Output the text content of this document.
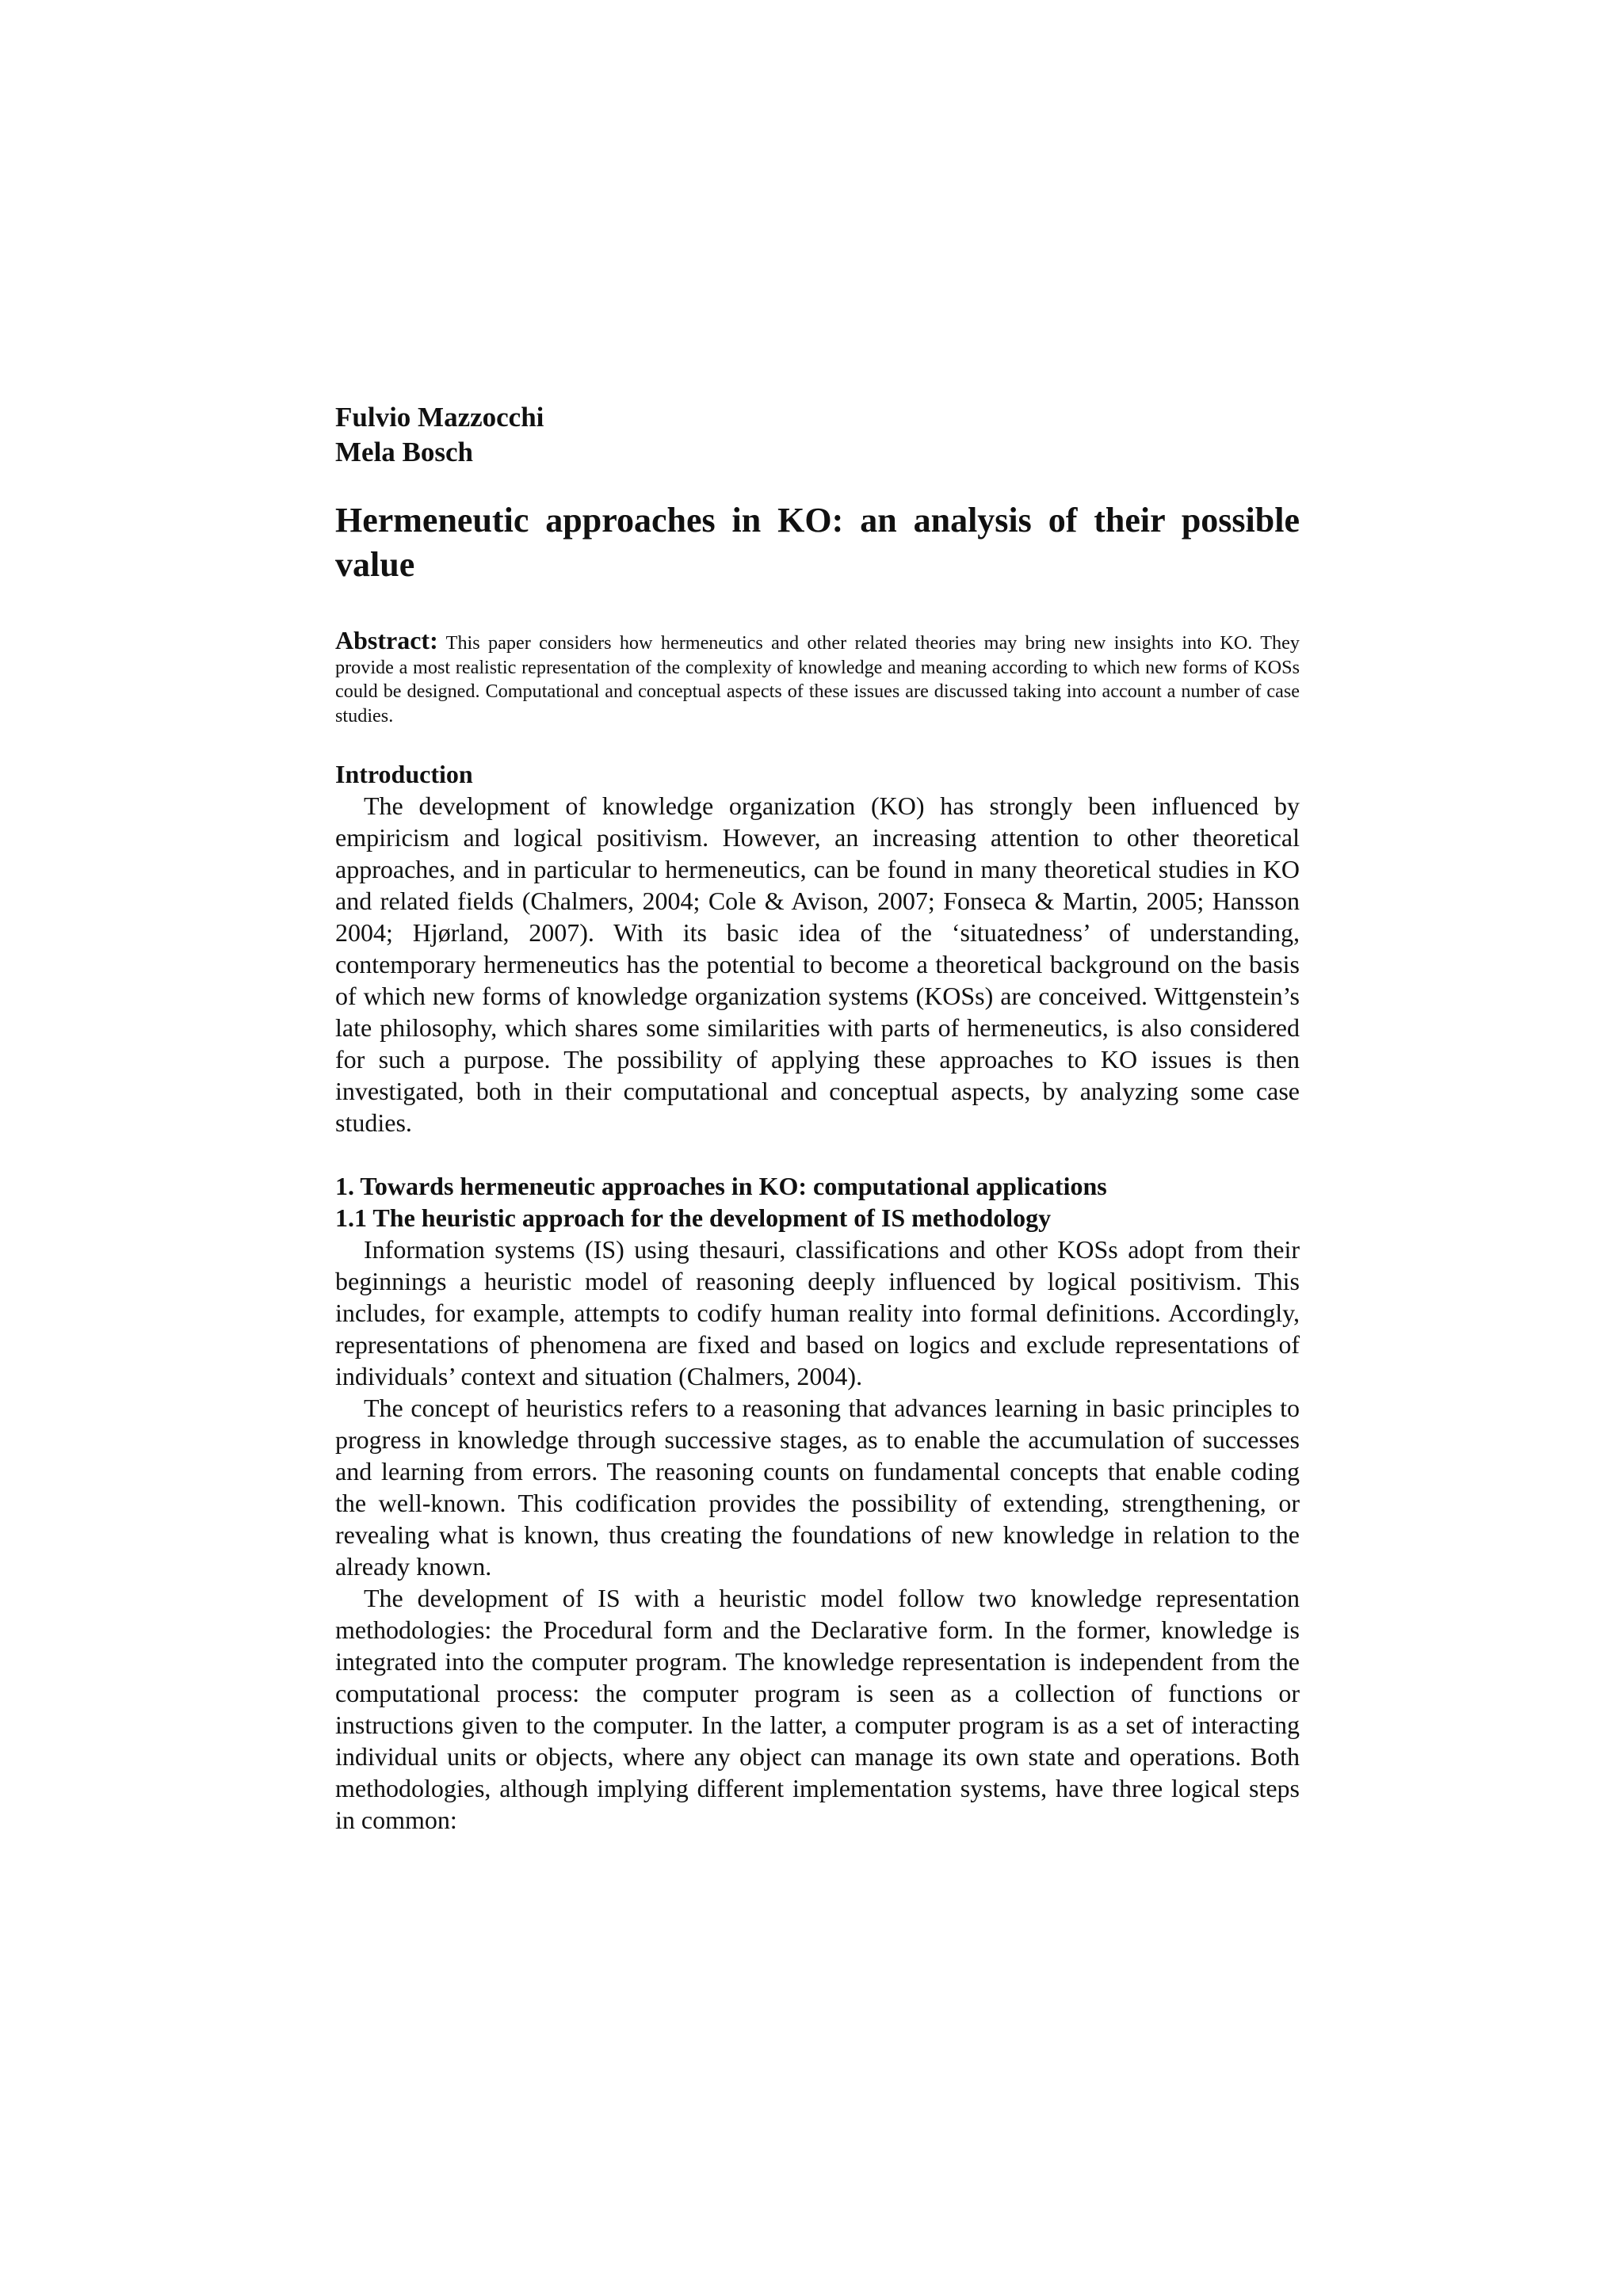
Fulvio Mazzocchi
Mela Bosch
Hermeneutic approaches in KO: an analysis of their possible value
Abstract: This paper considers how hermeneutics and other related theories may bring new insights into KO. They provide a most realistic representation of the complexity of knowledge and meaning according to which new forms of KOSs could be designed. Computational and conceptual aspects of these issues are discussed taking into account a number of case studies.
Introduction

The development of knowledge organization (KO) has strongly been influenced by empiricism and logical positivism. However, an increasing attention to other theoretical approaches, and in particular to hermeneutics, can be found in many theoretical studies in KO and related fields (Chalmers, 2004; Cole & Avison, 2007; Fonseca & Martin, 2005; Hansson 2004; Hjørland, 2007). With its basic idea of the ‘situatedness’ of understanding, contemporary hermeneutics has the potential to become a theoretical background on the basis of which new forms of knowledge organization systems (KOSs) are conceived. Wittgenstein’s late philosophy, which shares some similarities with parts of hermeneutics, is also considered for such a purpose. The possibility of applying these approaches to KO issues is then investigated, both in their computational and conceptual aspects, by analyzing some case studies.

1. Towards hermeneutic approaches in KO: computational applications
1.1 The heuristic approach for the development of IS methodology

Information systems (IS) using thesauri, classifications and other KOSs adopt from their beginnings a heuristic model of reasoning deeply influenced by logical positivism. This includes, for example, attempts to codify human reality into formal definitions. Accordingly, representations of phenomena are fixed and based on logics and exclude representations of individuals’ context and situation (Chalmers, 2004).

The concept of heuristics refers to a reasoning that advances learning in basic principles to progress in knowledge through successive stages, as to enable the accumulation of successes and learning from errors. The reasoning counts on fundamental concepts that enable coding the well-known. This codification provides the possibility of extending, strengthening, or revealing what is known, thus creating the foundations of new knowledge in relation to the already known.

The development of IS with a heuristic model follow two knowledge representation methodologies: the Procedural form and the Declarative form. In the former, knowledge is integrated into the computer program. The knowledge representation is independent from the computational process: the computer program is seen as a collection of functions or instructions given to the computer. In the latter, a computer program is as a set of interacting individual units or objects, where any object can manage its own state and operations. Both methodologies, although implying different implementation systems, have three logical steps in common:
